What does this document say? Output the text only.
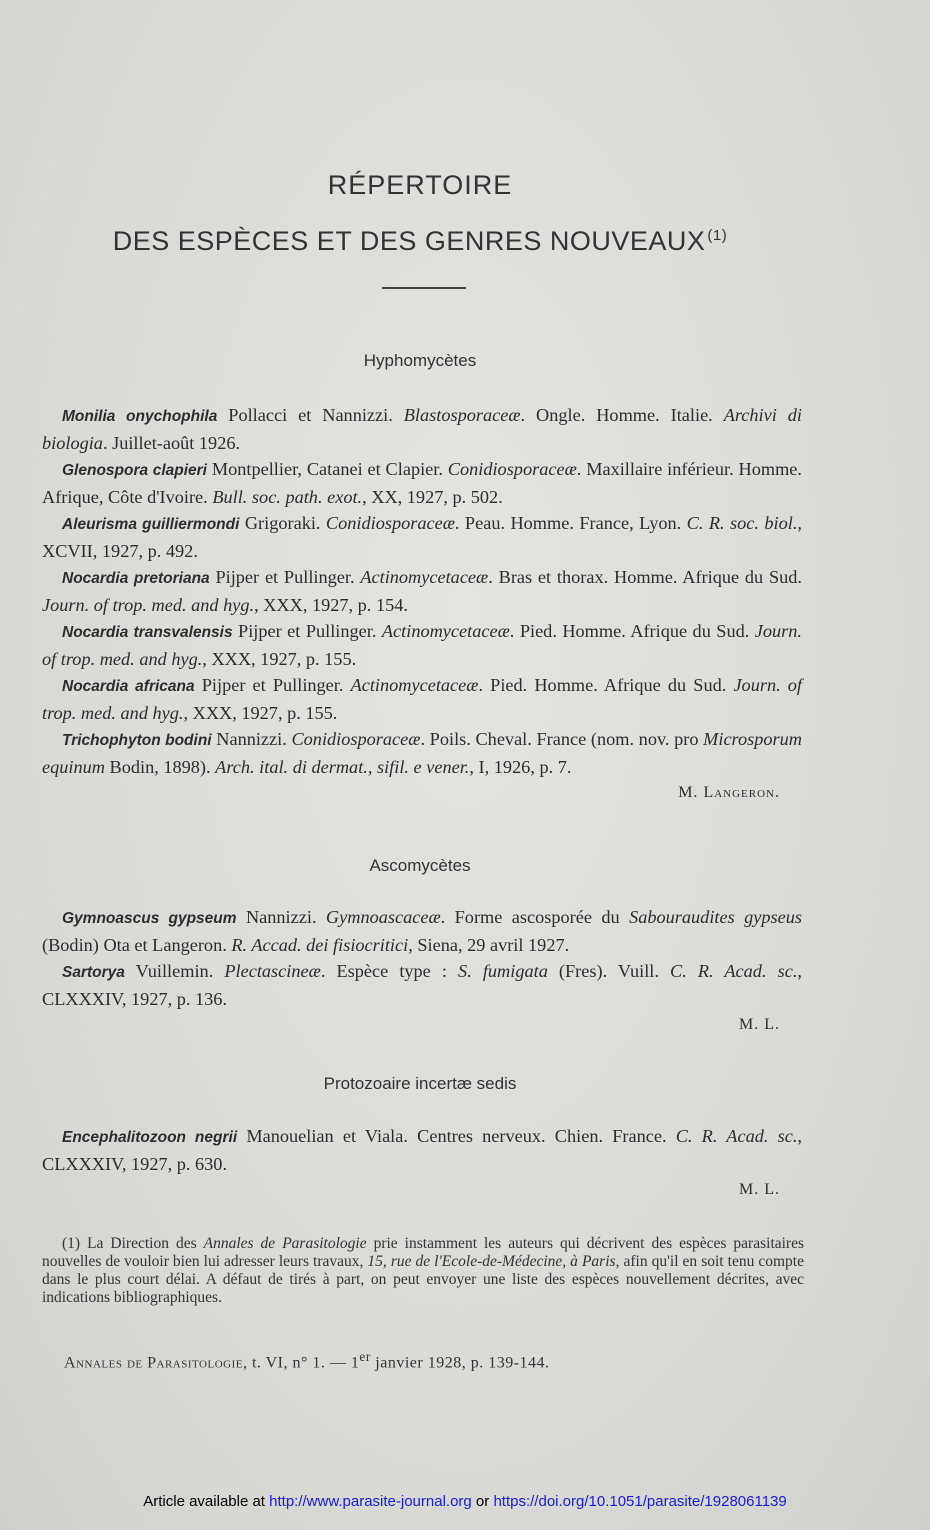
RÉPERTOIRE
DES ESPÈCES ET DES GENRES NOUVEAUX $^{(1)}$
Hyphomycètes

Monilia onychophila Pollacci et Nannizzi. Blastosporaceæ. Ongle. Homme. Italie. Archivi di biologia. Juillet-août 1926.

Glenospora clapieri Montpellier, Catanei et Clapier. Conidiosporaceæ. Maxillaire inférieur. Homme. Afrique, Côte d'Ivoire. Bull. soc. path. exot., XX, 1927, p. 502.

Aleurisma guilliermondi Grigoraki. Conidiosporaceæ. Peau. Homme. France, Lyon. C. R. soc. biol., XCVII, 1927, p. 492.

Nocardia pretoriana Pijper et Pullinger. Actinomycetaceæ. Bras et thorax. Homme. Afrique du Sud. Journ. of trop. med. and hyg., XXX, 1927, p. 154.

Nocardia transvalensis Pijper et Pullinger. Actinomycetaceæ. Pied. Homme. Afrique du Sud. Journ. of trop. med. and hyg., XXX, 1927, p. 155.

Nocardia africana Pijper et Pullinger. Actinomycetaceæ. Pied. Homme. Afrique du Sud. Journ. of trop. med. and hyg., XXX, 1927, p. 155.

Trichophyton bodini Nannizzi. Conidiosporaceæ. Poils. Cheval. France (nom. nov. pro Microsporum equinum Bodin, 1898). Arch. ital. di dermat., sifil. e vener., I, 1926, p. 7.

M. Langeron.

Ascomycètes

Gymnoascus gypseum Nannizzi. Gymnoascaceæ. Forme ascosporée du Sabouraudites gypseus (Bodin) Ota et Langeron. R. Accad. dei fisiocritici, Siena, 29 avril 1927.

Sartorya Vuillemin. Plectascineæ. Espèce type : S. fumigata (Fres). Vuill. C. R. Acad. sc., CLXXXIV, 1927, p. 136.

M. L.

Protozoaire incertæ sedis

Encephalitozoon negrii Manouelian et Viala. Centres nerveux. Chien. France. C. R. Acad. sc., CLXXXIV, 1927, p. 630.

M. L.

(1) La Direction des Annales de Parasitologie prie instamment les auteurs qui décrivent des espèces parasitaires nouvelles de vouloir bien lui adresser leurs travaux, 15, rue de l'Ecole-de-Médecine, à Paris, afin qu'il en soit tenu compte dans le plus court délai. A défaut de tirés à part, on peut envoyer une liste des espèces nouvellement décrites, avec indications bibliographiques.

Annales de Parasitologie, t. VI, n° 1. — 1er janvier 1928, p. 139-144.
Article available at http://www.parasite-journal.org or https://doi.org/10.1051/parasite/1928061139
